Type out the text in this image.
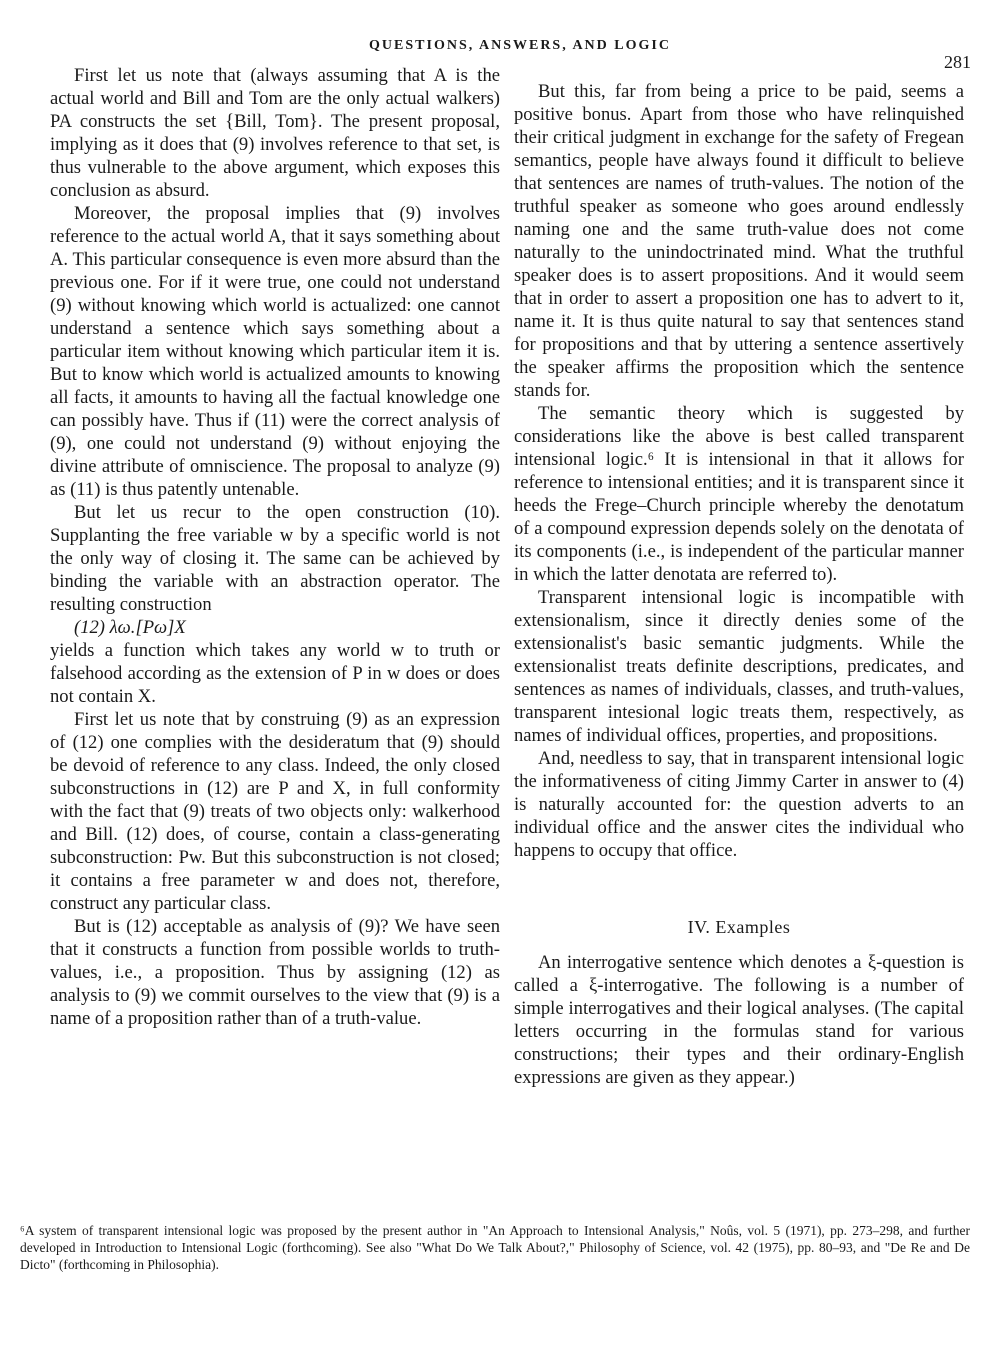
QUESTIONS, ANSWERS, AND LOGIC
281

First let us note that (always assuming that A is the actual world and Bill and Tom are the only actual walkers) PA constructs the set {Bill, Tom}. The present proposal, implying as it does that (9) involves reference to that set, is thus vulnerable to the above argument, which exposes this conclusion as absurd.

Moreover, the proposal implies that (9) involves reference to the actual world A, that it says something about A. This particular consequence is even more absurd than the previous one. For if it were true, one could not understand (9) without knowing which world is actualized: one cannot understand a sentence which says something about a particular item without knowing which particular item it is. But to know which world is actualized amounts to knowing all facts, it amounts to having all the factual knowledge one can possibly have. Thus if (11) were the correct analysis of (9), one could not understand (9) without enjoying the divine attribute of omniscience. The proposal to analyze (9) as (11) is thus patently untenable.

But let us recur to the open construction (10). Supplanting the free variable w by a specific world is not the only way of closing it. The same can be achieved by binding the variable with an abstraction operator. The resulting construction

(12) λω.[Pω]X

yields a function which takes any world w to truth or falsehood according as the extension of P in w does or does not contain X.

First let us note that by construing (9) as an expression of (12) one complies with the desideratum that (9) should be devoid of reference to any class. Indeed, the only closed subconstructions in (12) are P and X, in full conformity with the fact that (9) treats of two objects only: walkerhood and Bill. (12) does, of course, contain a class-generating subconstruction: Pw. But this subconstruction is not closed; it contains a free parameter w and does not, therefore, construct any particular class.

But is (12) acceptable as analysis of (9)? We have seen that it constructs a function from possible worlds to truth-values, i.e., a proposition. Thus by assigning (12) as analysis to (9) we commit ourselves to the view that (9) is a name of a proposition rather than of a truth-value.

But this, far from being a price to be paid, seems a positive bonus. Apart from those who have relinquished their critical judgment in exchange for the safety of Fregean semantics, people have always found it difficult to believe that sentences are names of truth-values. The notion of the truthful speaker as someone who goes around endlessly naming one and the same truth-value does not come naturally to the unindoctrinated mind. What the truthful speaker does is to assert propositions. And it would seem that in order to assert a proposition one has to advert to it, name it. It is thus quite natural to say that sentences stand for propositions and that by uttering a sentence assertively the speaker affirms the proposition which the sentence stands for.

The semantic theory which is suggested by considerations like the above is best called transparent intensional logic.⁶ It is intensional in that it allows for reference to intensional entities; and it is transparent since it heeds the Frege–Church principle whereby the denotatum of a compound expression depends solely on the denotata of its components (i.e., is independent of the particular manner in which the latter denotata are referred to).

Transparent intensional logic is incompatible with extensionalism, since it directly denies some of the extensionalist's basic semantic judgments. While the extensionalist treats definite descriptions, predicates, and sentences as names of individuals, classes, and truth-values, transparent intesional logic treats them, respectively, as names of individual offices, properties, and propositions.

And, needless to say, that in transparent intensional logic the informativeness of citing Jimmy Carter in answer to (4) is naturally accounted for: the question adverts to an individual office and the answer cites the individual who happens to occupy that office.

IV. Examples

An interrogative sentence which denotes a ξ-question is called a ξ-interrogative. The following is a number of simple interrogatives and their logical analyses. (The capital letters occurring in the formulas stand for various constructions; their types and their ordinary-English expressions are given as they appear.)

⁶A system of transparent intensional logic was proposed by the present author in "An Approach to Intensional Analysis," Noûs, vol. 5 (1971), pp. 273–298, and further developed in Introduction to Intensional Logic (forthcoming). See also "What Do We Talk About?," Philosophy of Science, vol. 42 (1975), pp. 80–93, and "De Re and De Dicto" (forthcoming in Philosophia).
